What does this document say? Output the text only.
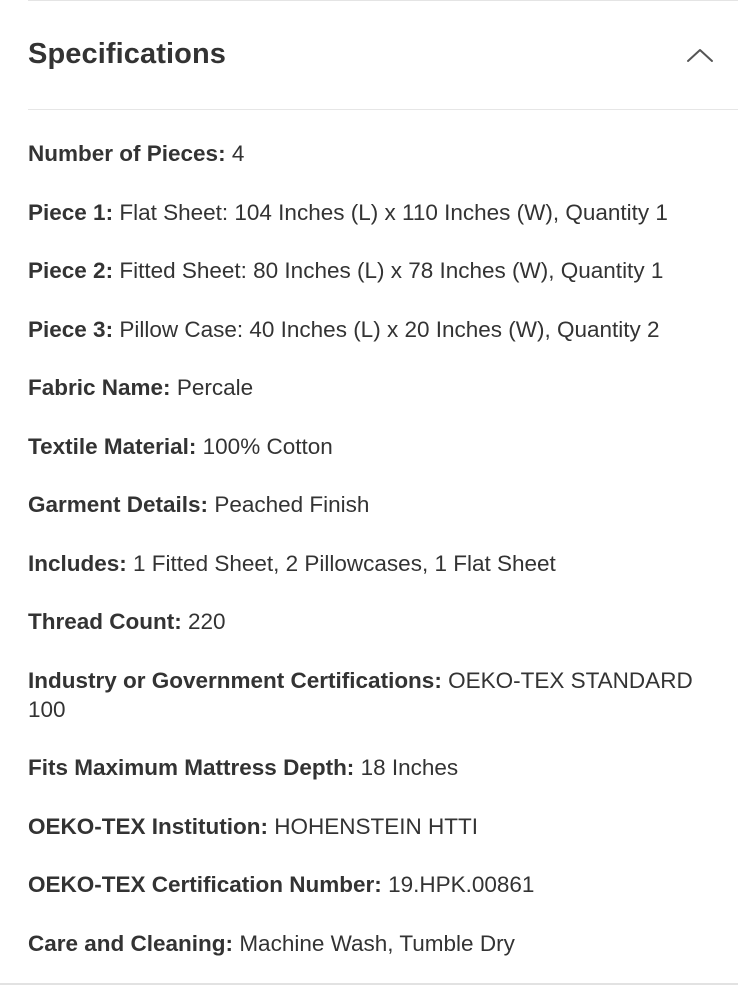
Specifications
Number of Pieces: 4
Piece 1: Flat Sheet: 104 Inches (L) x 110 Inches (W), Quantity 1
Piece 2: Fitted Sheet: 80 Inches (L) x 78 Inches (W), Quantity 1
Piece 3: Pillow Case: 40 Inches (L) x 20 Inches (W), Quantity 2
Fabric Name: Percale
Textile Material: 100% Cotton
Garment Details: Peached Finish
Includes: 1 Fitted Sheet, 2 Pillowcases, 1 Flat Sheet
Thread Count: 220
Industry or Government Certifications: OEKO-TEX STANDARD 100
Fits Maximum Mattress Depth: 18 Inches
OEKO-TEX Institution: HOHENSTEIN HTTI
OEKO-TEX Certification Number: 19.HPK.00861
Care and Cleaning: Machine Wash, Tumble Dry
